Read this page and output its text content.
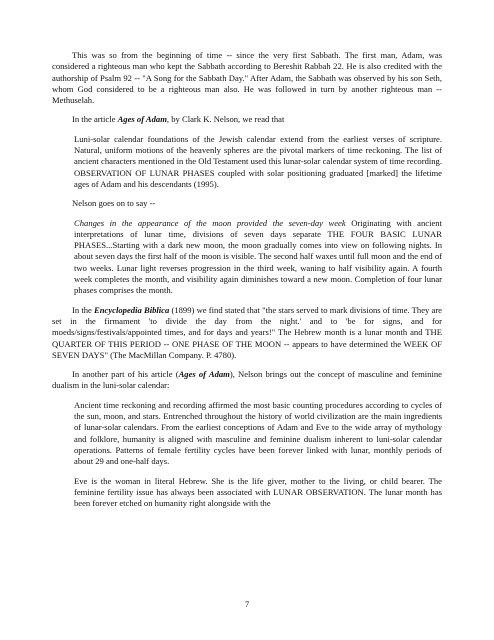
This was so from the beginning of time -- since the very first Sabbath. The first man, Adam, was considered a righteous man who kept the Sabbath according to Bereshit Rabbah 22. He is also credited with the authorship of Psalm 92 -- "A Song for the Sabbath Day." After Adam, the Sabbath was observed by his son Seth, whom God considered to be a righteous man also. He was followed in turn by another righteous man -- Methuselah.

In the article Ages of Adam, by Clark K. Nelson, we read that

Luni-solar calendar foundations of the Jewish calendar extend from the earliest verses of scripture. Natural, uniform motions of the heavenly spheres are the pivotal markers of time reckoning. The list of ancient characters mentioned in the Old Testament used this lunar-solar calendar system of time recording. OBSERVATION OF LUNAR PHASES coupled with solar positioning graduated [marked] the lifetime ages of Adam and his descendants (1995).

Nelson goes on to say --

Changes in the appearance of the moon provided the seven-day week Originating with ancient interpretations of lunar time, divisions of seven days separate THE FOUR BASIC LUNAR PHASES...Starting with a dark new moon, the moon gradually comes into view on following nights. In about seven days the first half of the moon is visible. The second half waxes until full moon and the end of two weeks. Lunar light reverses progression in the third week, waning to half visibility again. A fourth week completes the month, and visibility again diminishes toward a new moon. Completion of four lunar phases comprises the month.

In the Encyclopedia Biblica (1899) we find stated that "the stars served to mark divisions of time. They are set in the firmament 'to divide the day from the night.' and to 'be for signs, and for moeds/signs/festivals/appointed times, and for days and years!" The Hebrew month is a lunar month and THE QUARTER OF THIS PERIOD -- ONE PHASE OF THE MOON -- appears to have determined the WEEK OF SEVEN DAYS" (The MacMillan Company. P. 4780).

In another part of his article (Ages of Adam), Nelson brings out the concept of masculine and feminine dualism in the luni-solar calendar:

Ancient time reckoning and recording affirmed the most basic counting procedures according to cycles of the sun, moon, and stars. Entrenched throughout the history of world civilization are the main ingredients of lunar-solar calendars. From the earliest conceptions of Adam and Eve to the wide array of mythology and folklore, humanity is aligned with masculine and feminine dualism inherent to luni-solar calendar operations. Patterns of female fertility cycles have been forever linked with lunar, monthly periods of about 29 and one-half days.
Eve is the woman in literal Hebrew. She is the life giver, mother to the living, or child bearer. The feminine fertility issue has always been associated with LUNAR OBSERVATION. The lunar month has been forever etched on humanity right alongside with the
7
